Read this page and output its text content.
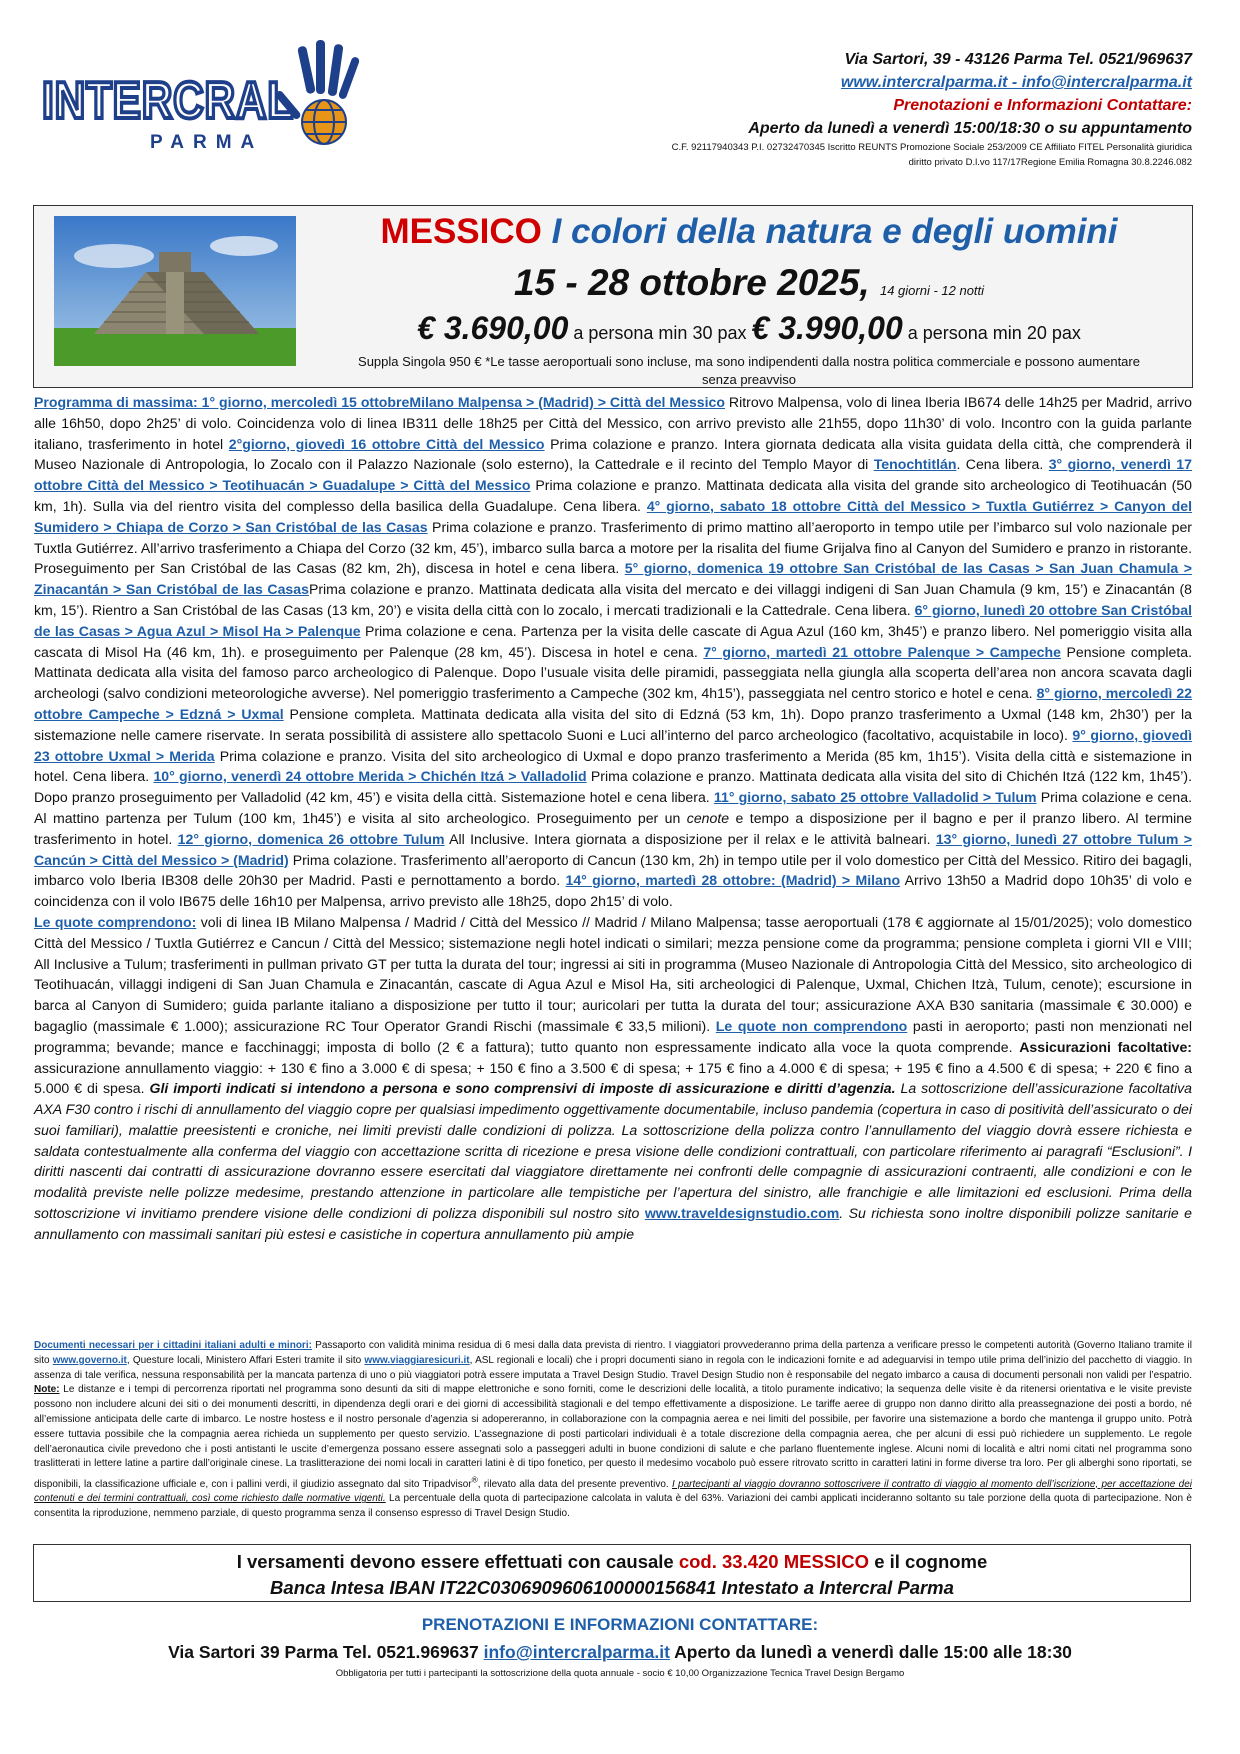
INTERCRAL
PARMA
Via Sartori, 39 - 43126 Parma Tel. 0521/969637
www.intercralparma.it - info@intercralparma.it
Prenotazioni e Informazioni Contattare:
Aperto da lunedì a venerdì 15:00/18:30 o su appuntamento
C.F. 92117940343 P.I. 02732470345 Iscritto REUNTS Promozione Sociale 253/2009 CE Affiliato FITEL Personalità giuridica
diritto privato D.l.vo 117/17Regione Emilia Romagna 30.8.2246.082
MESSICO I colori della natura e degli uomini
15 - 28 ottobre 2025, 14 giorni - 12 notti
€ 3.690,00 a persona min 30 pax € 3.990,00 a persona min 20 pax
Suppla Singola 950 € *Le tasse aeroportuali sono incluse, ma sono indipendenti dalla nostra politica commerciale e possono aumentare senza preavviso
Programma di massima: 1° giorno, mercoledì 15 ottobreMilano Malpensa > (Madrid) > Città del Messico Ritrovo Malpensa, volo di linea Iberia IB674 delle 14h25 per Madrid, arrivo alle 16h50, dopo 2h25’ di volo. Coincidenza volo di linea IB311 delle 18h25 per Città del Messico, con arrivo previsto alle 21h55, dopo 11h30’ di volo. Incontro con la guida parlante italiano, trasferimento in hotel 2°giorno, giovedì 16 ottobre Città del Messico Prima colazione e pranzo. Intera giornata dedicata alla visita guidata della città, che comprenderà il Museo Nazionale di Antropologia, lo Zocalo con il Palazzo Nazionale (solo esterno), la Cattedrale e il recinto del Templo Mayor di Tenochtitlán. Cena libera. 3° giorno, venerdì 17 ottobre Città del Messico > Teotihuacán > Guadalupe > Città del Messico Prima colazione e pranzo. Mattinata dedicata alla visita del grande sito archeologico di Teotihuacán (50 km, 1h). Sulla via del rientro visita del complesso della basilica della Guadalupe. Cena libera. 4° giorno, sabato 18 ottobre Città del Messico > Tuxtla Gutiérrez > Canyon del Sumidero > Chiapa de Corzo > San Cristóbal de las Casas Prima colazione e pranzo. Trasferimento di primo mattino all’aeroporto in tempo utile per l’imbarco sul volo nazionale per Tuxtla Gutiérrez. All’arrivo trasferimento a Chiapa del Corzo (32 km, 45’), imbarco sulla barca a motore per la risalita del fiume Grijalva fino al Canyon del Sumidero e pranzo in ristorante. Proseguimento per San Cristóbal de las Casas (82 km, 2h), discesa in hotel e cena libera. 5° giorno, domenica 19 ottobre San Cristóbal de las Casas > San Juan Chamula > Zinacantán > San Cristóbal de las CasasPrima colazione e pranzo. Mattinata dedicata alla visita del mercato e dei villaggi indigeni di San Juan Chamula (9 km, 15’) e Zinacantán (8 km, 15’). Rientro a San Cristóbal de las Casas (13 km, 20’) e visita della città con lo zocalo, i mercati tradizionali e la Cattedrale. Cena libera. 6° giorno, lunedì 20 ottobre San Cristóbal de las Casas > Agua Azul > Misol Ha > Palenque Prima colazione e cena. Partenza per la visita delle cascate di Agua Azul (160 km, 3h45’) e pranzo libero. Nel pomeriggio visita alla cascata di Misol Ha (46 km, 1h). e proseguimento per Palenque (28 km, 45’). Discesa in hotel e cena. 7° giorno, martedì 21 ottobre Palenque > Campeche Pensione completa. Mattinata dedicata alla visita del famoso parco archeologico di Palenque. Dopo l’usuale visita delle piramidi, passeggiata nella giungla alla scoperta dell’area non ancora scavata dagli archeologi (salvo condizioni meteorologiche avverse). Nel pomeriggio trasferimento a Campeche (302 km, 4h15’), passeggiata nel centro storico e hotel e cena. 8° giorno, mercoledì 22 ottobre Campeche > Edzná > Uxmal Pensione completa. Mattinata dedicata alla visita del sito di Edzná (53 km, 1h). Dopo pranzo trasferimento a Uxmal (148 km, 2h30’) per la sistemazione nelle camere riservate. In serata possibilità di assistere allo spettacolo Suoni e Luci all’interno del parco archeologico (facoltativo, acquistabile in loco). 9° giorno, giovedì 23 ottobre Uxmal > Merida Prima colazione e pranzo. Visita del sito archeologico di Uxmal e dopo pranzo trasferimento a Merida (85 km, 1h15’). Visita della città e sistemazione in hotel. Cena libera. 10° giorno, venerdì 24 ottobre Merida > Chichén Itzá > Valladolid Prima colazione e pranzo. Mattinata dedicata alla visita del sito di Chichén Itzá (122 km, 1h45’). Dopo pranzo proseguimento per Valladolid (42 km, 45’) e visita della città. Sistemazione hotel e cena libera. 11° giorno, sabato 25 ottobre Valladolid > Tulum Prima colazione e cena. Al mattino partenza per Tulum (100 km, 1h45’) e visita al sito archeologico. Proseguimento per un cenote e tempo a disposizione per il bagno e per il pranzo libero. Al termine trasferimento in hotel. 12° giorno, domenica 26 ottobre Tulum All Inclusive. Intera giornata a disposizione per il relax e le attività balneari. 13° giorno, lunedì 27 ottobre Tulum > Cancún > Città del Messico > (Madrid) Prima colazione. Trasferimento all’aeroporto di Cancun (130 km, 2h) in tempo utile per il volo domestico per Città del Messico. Ritiro dei bagagli, imbarco volo Iberia IB308 delle 20h30 per Madrid. Pasti e pernottamento a bordo. 14° giorno, martedì 28 ottobre: (Madrid) > Milano Arrivo 13h50 a Madrid dopo 10h35’ di volo e coincidenza con il volo IB675 delle 16h10 per Malpensa, arrivo previsto alle 18h25, dopo 2h15’ di volo.
Le quote comprendono: voli di linea IB Milano Malpensa / Madrid / Città del Messico // Madrid / Milano Malpensa; tasse aeroportuali (178 € aggiornate al 15/01/2025); volo domestico Città del Messico / Tuxtla Gutiérrez e Cancun / Città del Messico; sistemazione negli hotel indicati o similari; mezza pensione come da programma; pensione completa i giorni VII e VIII; All Inclusive a Tulum; trasferimenti in pullman privato GT per tutta la durata del tour; ingressi ai siti in programma (Museo Nazionale di Antropologia Città del Messico, sito archeologico di Teotihuacán, villaggi indigeni di San Juan Chamula e Zinacantán, cascate di Agua Azul e Misol Ha, siti archeologici di Palenque, Uxmal, Chichen Itzà, Tulum, cenote); escursione in barca al Canyon di Sumidero; guida parlante italiano a disposizione per tutto il tour; auricolari per tutta la durata del tour; assicurazione AXA B30 sanitaria (massimale € 30.000) e bagaglio (massimale € 1.000); assicurazione RC Tour Operator Grandi Rischi (massimale € 33,5 milioni). Le quote non comprendono pasti in aeroporto; pasti non menzionati nel programma; bevande; mance e facchinaggi; imposta di bollo (2 € a fattura); tutto quanto non espressamente indicato alla voce la quota comprende. Assicurazioni facoltative: assicurazione annullamento viaggio: + 130 € fino a 3.000 € di spesa; + 150 € fino a 3.500 € di spesa; + 175 € fino a 4.000 € di spesa; + 195 € fino a 4.500 € di spesa; + 220 € fino a 5.000 € di spesa. Gli importi indicati si intendono a persona e sono comprensivi di imposte di assicurazione e diritti d’agenzia. La sottoscrizione dell’assicurazione facoltativa AXA F30 contro i rischi di annullamento del viaggio copre per qualsiasi impedimento oggettivamente documentabile, incluso pandemia (copertura in caso di positività dell’assicurato o dei suoi familiari), malattie preesistenti e croniche, nei limiti previsti dalle condizioni di polizza. La sottoscrizione della polizza contro l’annullamento del viaggio dovrà essere richiesta e saldata contestualmente alla conferma del viaggio con accettazione scritta di ricezione e presa visione delle condizioni contrattuali, con particolare riferimento ai paragrafi “Esclusioni”. I diritti nascenti dai contratti di assicurazione dovranno essere esercitati dal viaggiatore direttamente nei confronti delle compagnie di assicurazioni contraenti, alle condizioni e con le modalità previste nelle polizze medesime, prestando attenzione in particolare alle tempistiche per l’apertura del sinistro, alle franchigie e alle limitazioni ed esclusioni. Prima della sottoscrizione vi invitiamo prendere visione delle condizioni di polizza disponibili sul nostro sito www.traveldesignstudio.com. Su richiesta sono inoltre disponibili polizze sanitarie e annullamento con massimali sanitari più estesi e casistiche in copertura annullamento più ampie
Documenti necessari per i cittadini italiani adulti e minori: Passaporto con validità minima residua di 6 mesi dalla data prevista di rientro. I viaggiatori provvederanno prima della partenza a verificare presso le competenti autorità (Governo Italiano tramite il sito www.governo.it, Questure locali, Ministero Affari Esteri tramite il sito www.viaggiaresicuri.it, ASL regionali e locali) che i propri documenti siano in regola con le indicazioni fornite e ad adeguarvisi in tempo utile prima dell’inizio del pacchetto di viaggio. In assenza di tale verifica, nessuna responsabilità per la mancata partenza di uno o più viaggiatori potrà essere imputata a Travel Design Studio. Travel Design Studio non è responsabile del negato imbarco a causa di documenti personali non validi per l’espatrio. Note: Le distanze e i tempi di percorrenza riportati nel programma sono desunti da siti di mappe elettroniche e sono forniti, come le descrizioni delle località, a titolo puramente indicativo; la sequenza delle visite è da ritenersi orientativa e le visite previste possono non includere alcuni dei siti o dei monumenti descritti, in dipendenza degli orari e dei giorni di accessibilità stagionali e del tempo effettivamente a disposizione. Le tariffe aeree di gruppo non danno diritto alla preassegnazione dei posti a bordo, né all’emissione anticipata delle carte di imbarco. Le nostre hostess e il nostro personale d’agenzia si adopereranno, in collaborazione con la compagnia aerea e nei limiti del possibile, per favorire una sistemazione a bordo che mantenga il gruppo unito. Potrà essere tuttavia possibile che la compagnia aerea richieda un supplemento per questo servizio. L’assegnazione di posti particolari individuali è a totale discrezione della compagnia aerea, che per alcuni di essi può richiedere un supplemento. Le regole dell’aeronautica civile prevedono che i posti antistanti le uscite d’emergenza possano essere assegnati solo a passeggeri adulti in buone condizioni di salute e che parlano fluentemente inglese. Alcuni nomi di località e altri nomi citati nel programma sono traslitterati in lettere latine a partire dall’originale cinese. La traslitterazione dei nomi locali in caratteri latini è di tipo fonetico, per questo il medesimo vocabolo può essere ritrovato scritto in caratteri latini in forme diverse tra loro. Per gli alberghi sono riportati, se disponibili, la classificazione ufficiale e, con i pallini verdi, il giudizio assegnato dal sito Tripadvisor®, rilevato alla data del presente preventivo. I partecipanti al viaggio dovranno sottoscrivere il contratto di viaggio al momento dell’iscrizione, per accettazione dei contenuti e dei termini contrattuali, così come richiesto dalle normative vigenti. La percentuale della quota di partecipazione calcolata in valuta è del 63%. Variazioni dei cambi applicati incideranno soltanto su tale porzione della quota di partecipazione. Non è consentita la riproduzione, nemmeno parziale, di questo programma senza il consenso espresso di Travel Design Studio.
I versamenti devono essere effettuati con causale cod. 33.420 MESSICO e il cognome
Banca Intesa IBAN IT22C0306909606100000156841 Intestato a Intercral Parma
PRENOTAZIONI E INFORMAZIONI CONTATTARE:
Via Sartori 39 Parma Tel. 0521.969637 info@intercralparma.it Aperto da lunedì a venerdì dalle 15:00 alle 18:30
Obbligatoria per tutti i partecipanti la sottoscrizione della quota annuale - socio € 10,00 Organizzazione Tecnica Travel Design Bergamo
